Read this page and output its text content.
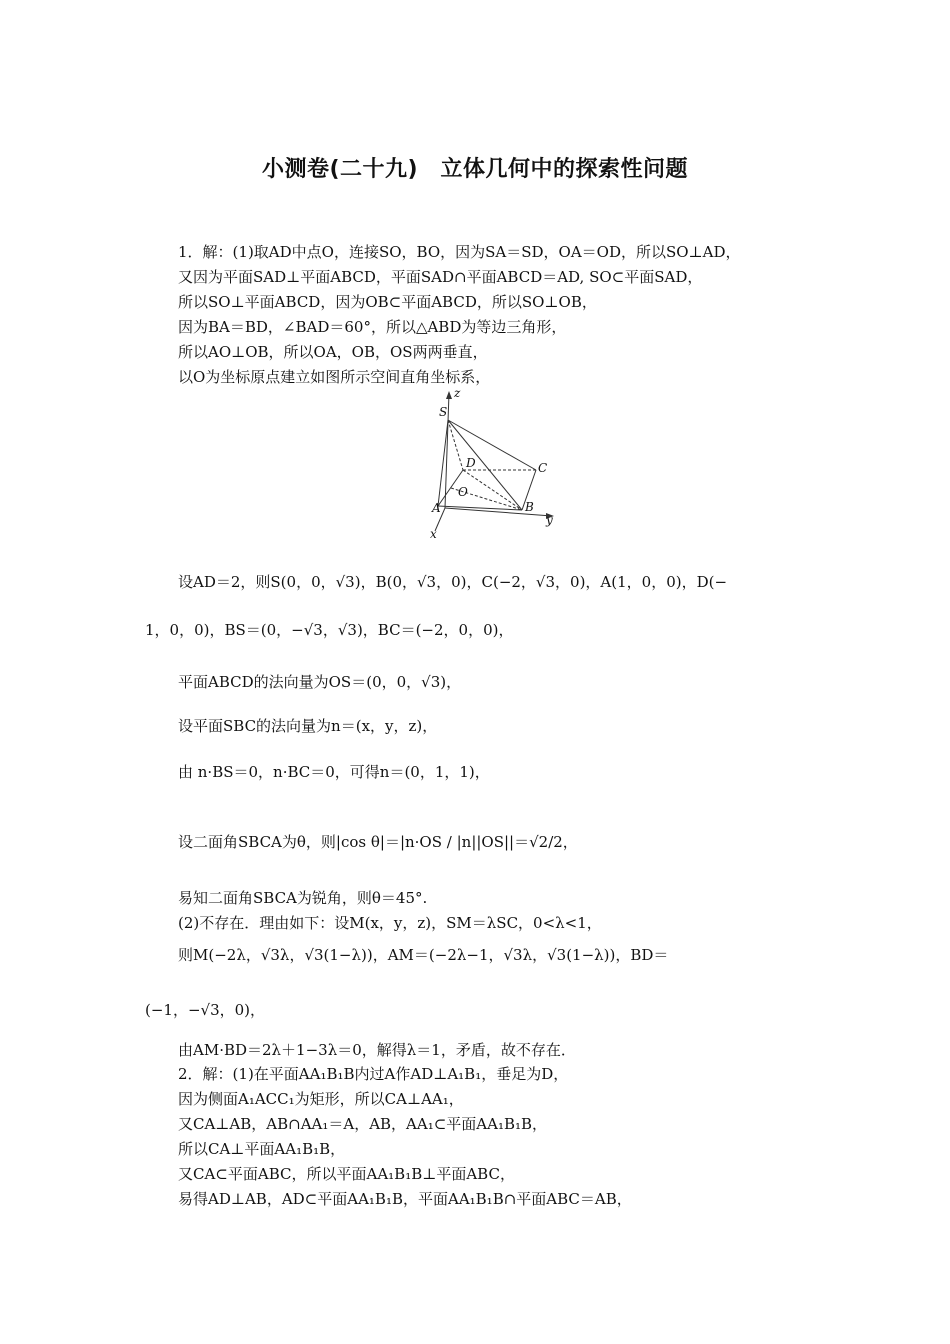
小测卷(二十九)　立体几何中的探索性问题
1．解：(1)取AD中点O，连接SO，BO，因为SA＝SD，OA＝OD，所以SO⊥AD，
又因为平面SAD⊥平面ABCD，平面SAD∩平面ABCD＝AD, SO⊂平面SAD，
所以SO⊥平面ABCD，因为OB⊂平面ABCD，所以SO⊥OB，
因为BA＝BD，∠BAD＝60°，所以△ABD为等边三角形，
所以AO⊥OB，所以OA，OB，OS两两垂直，
以O为坐标原点建立如图所示空间直角坐标系，
z
S
D	C
O
A	B
y
x
设AD＝2，则S(0，0，√3)，B(0，√3，0)，C(−2，√3，0)，A(1，0，0)，D(−
1，0，0)，BS＝(0，−√3，√3)，BC＝(−2，0，0)，
平面ABCD的法向量为OS＝(0，0，√3)，
设平面SBC的法向量为n＝(x，y，z)，
由 n·BS＝0，n·BC＝0，可得n＝(0，1，1)，
设二面角SBCA为θ，则|cos θ|＝|n·OS / |n||OS||＝√2/2，
易知二面角SBCA为锐角，则θ＝45°.
(2)不存在．理由如下：设M(x，y，z)，SM＝λSC，0<λ<1，
则M(−2λ，√3λ，√3(1−λ))，AM＝(−2λ−1，√3λ，√3(1−λ))，BD＝
(−1，−√3，0)，
由AM·BD＝2λ＋1−3λ＝0，解得λ＝1，矛盾，故不存在．
2．解：(1)在平面AA₁B₁B内过A作AD⊥A₁B₁，垂足为D，
因为侧面A₁ACC₁为矩形，所以CA⊥AA₁，
又CA⊥AB，AB∩AA₁＝A，AB，AA₁⊂平面AA₁B₁B，
所以CA⊥平面AA₁B₁B，
又CA⊂平面ABC，所以平面AA₁B₁B⊥平面ABC，
易得AD⊥AB，AD⊂平面AA₁B₁B，平面AA₁B₁B∩平面ABC＝AB，
